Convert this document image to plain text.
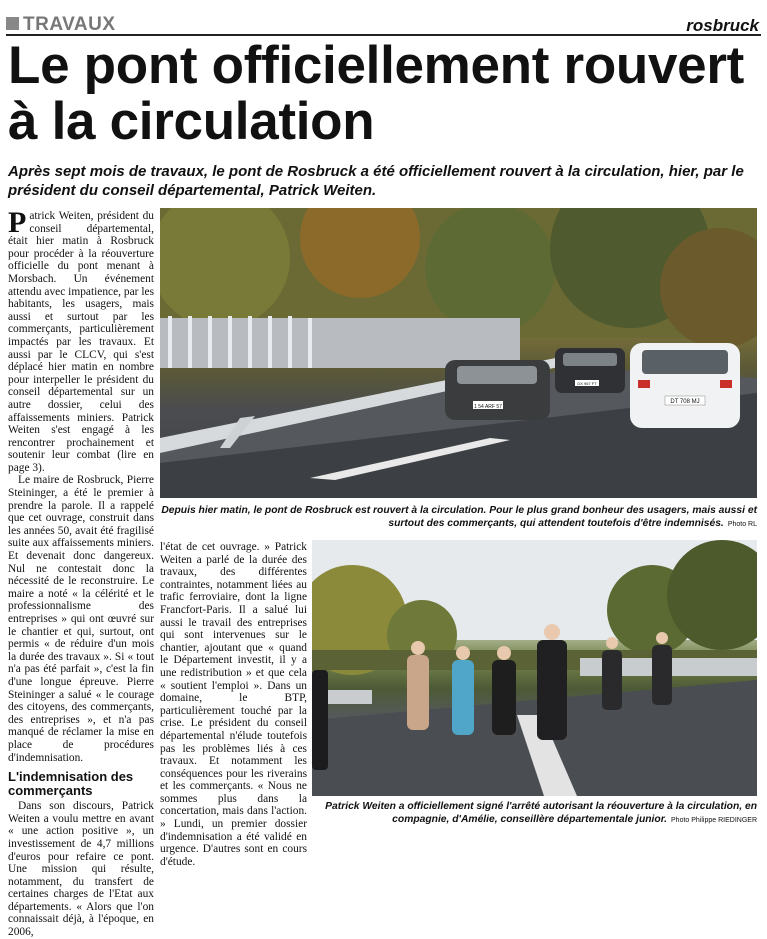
TRAVAUX	rosbruck
Le pont officiellement rouvert à la circulation
Après sept mois de travaux, le pont de Rosbruck a été officiellement rouvert à la circulation, hier, par le président du conseil départemental, Patrick Weiten.

Patrick Weiten, président du conseil départemental, était hier matin à Rosbruck pour procéder à la réouverture officielle du pont menant à Morsbach. Un événement attendu avec impatience, par les habitants, les usagers, mais aussi et surtout par les commerçants, particulièrement impactés par les travaux. Et aussi par le CLCV, qui s'est déplacé hier matin en nombre pour interpeller le président du conseil départemental sur un autre dossier, celui des affaissements miniers. Patrick Weiten s'est engagé à les rencontrer prochainement et soutenir leur combat (lire en page 3).

Le maire de Rosbruck, Pierre Steininger, a été le premier à prendre la parole. Il a rappelé que cet ouvrage, construit dans les années 50, avait été fragilisé suite aux affaissements miniers. Et devenait donc dangereux. Nul ne contestait donc la nécessité de le reconstruire. Le maire a noté « la célérité et le professionnalisme des entreprises » qui ont œuvré sur le chantier et qui, surtout, ont permis « de réduire d'un mois la durée des travaux ». Si « tout n'a pas été parfait », c'est la fin d'une longue épreuve. Pierre Steininger a salué « le courage des citoyens, des commerçants, des entreprises », et n'a pas manqué de réclamer la mise en place de procédures d'indemnisation.

L'indemnisation des commerçants

Dans son discours, Patrick Weiten a voulu mettre en avant « une action positive », un investissement de 4,7 millions d'euros pour refaire ce pont. Une mission qui résulte, notamment, du transfert de certaines charges de l'Etat aux départements. « Alors que l'on connaissait déjà, à l'époque, en 2006,

1 54 ARF 57
DX 967 FT
DT 708 MJ
Depuis hier matin, le pont de Rosbruck est rouvert à la circulation. Pour le plus grand bonheur des usagers, mais aussi et surtout des commerçants, qui attendent toutefois d'être indemnisés. Photo RL

l'état de cet ouvrage. » Patrick Weiten a parlé de la durée des travaux, des différentes contraintes, notamment liées au trafic ferroviaire, dont la ligne Francfort-Paris. Il a salué lui aussi le travail des entreprises qui sont intervenues sur le chantier, ajoutant que « quand le Département investit, il y a une redistribution » et que cela « soutient l'emploi ». Dans un domaine, le BTP, particulièrement touché par la crise. Le président du conseil départemental n'élude toutefois pas les problèmes liés à ces travaux. Et notamment les conséquences pour les riverains et les commerçants. « Nous ne sommes plus dans la concertation, mais dans l'action. » Lundi, un premier dossier d'indemnisation a été validé en urgence. D'autres sont en cours d'étude.

Patrick Weiten a officiellement signé l'arrêté autorisant la réouverture à la circulation, en compagnie, d'Amélie, conseillère départementale junior. Photo Philippe RIEDINGER
